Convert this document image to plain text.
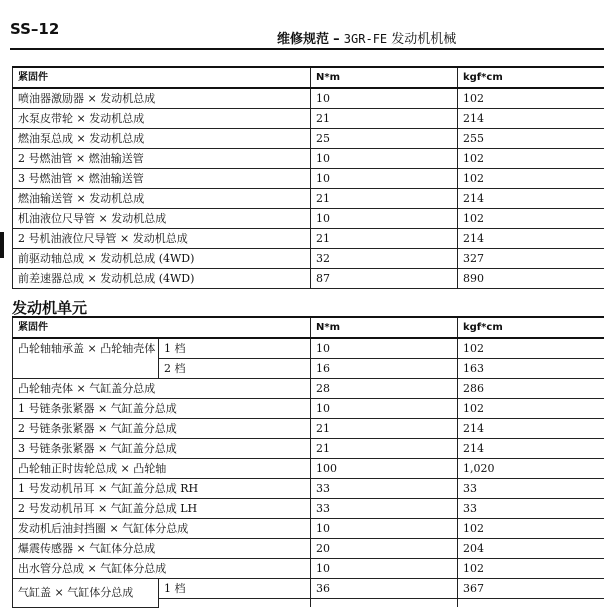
SS–12
维修规范 – 3GR-FE 发动机机械
紧固件	N*m	kgf*cm
喷油器激励器 × 发动机总成	10	102
水泵皮带轮 × 发动机总成	21	214
燃油泵总成 × 发动机总成	25	255
2 号燃油管 × 燃油输送管	10	102
3 号燃油管 × 燃油输送管	10	102
燃油输送管 × 发动机总成	21	214
机油液位尺导管 × 发动机总成	10	102
2 号机油液位尺导管 × 发动机总成	21	214
前驱动轴总成 × 发动机总成 (4WD)	32	327
前差速器总成 × 发动机总成 (4WD)	87	890
发动机单元
紧固件		N*m	kgf*cm
凸轮轴轴承盖 × 凸轮轴壳体	1 档	10	102
	2 档	16	163
凸轮轴壳体 × 气缸盖分总成		28	286
1 号链条张紧器 × 气缸盖分总成		10	102
2 号链条张紧器 × 气缸盖分总成		21	214
3 号链条张紧器 × 气缸盖分总成		21	214
凸轮轴正时齿轮总成 × 凸轮轴		100	1,020
1 号发动机吊耳 × 气缸盖分总成 RH		33	33
2 号发动机吊耳 × 气缸盖分总成 LH		33	33
发动机后油封挡圈 × 气缸体分总成		10	102
爆震传感器 × 气缸体分总成		20	204
出水管分总成 × 气缸体分总成		10	102
气缸盖 × 气缸体分总成	1 档	36	367
